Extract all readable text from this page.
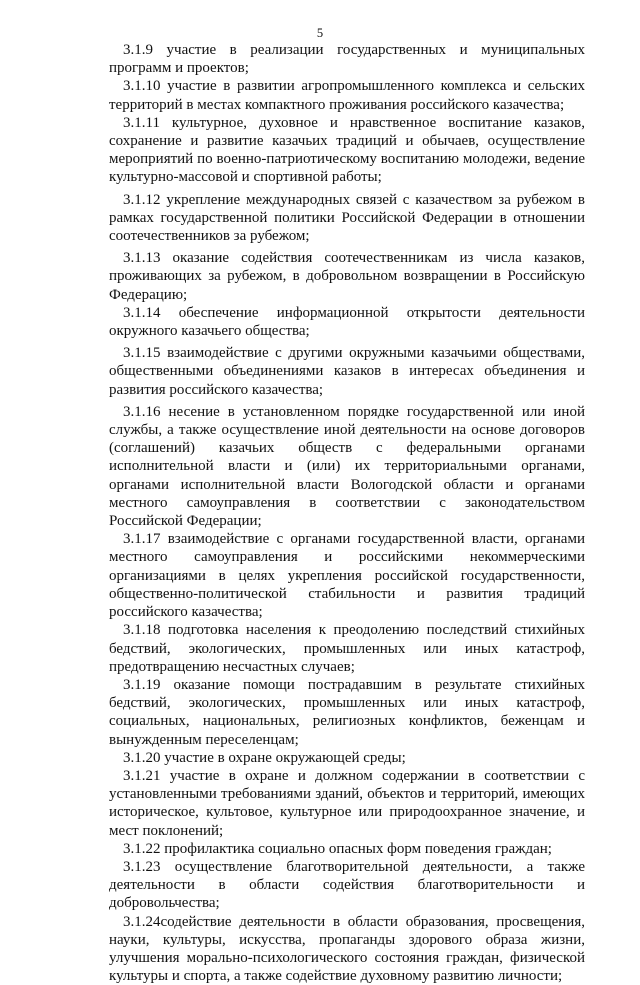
5

3.1.9 участие в реализации государственных и муниципальных программ и проектов;

3.1.10 участие в развитии агропромышленного комплекса и сельских территорий в местах компактного проживания российского казачества;

3.1.11 культурное, духовное и нравственное воспитание казаков, сохранение и развитие казачьих традиций и обычаев, осуществление мероприятий по военно-патриотическому воспитанию молодежи, ведение культурно-массовой и спортивной работы;

3.1.12 укрепление международных связей с казачеством за рубежом в рамках государственной политики Российской Федерации в отношении соотечественников за рубежом;

3.1.13 оказание содействия соотечественникам из числа казаков, проживающих за рубежом, в добровольном возвращении в Российскую Федерацию;

3.1.14 обеспечение информационной открытости деятельности окружного казачьего общества;

3.1.15 взаимодействие с другими окружными казачьими обществами, общественными объединениями казаков в интересах объединения и развития российского казачества;

3.1.16 несение в установленном порядке государственной или иной службы, а также осуществление иной деятельности на основе договоров (соглашений) казачьих обществ с федеральными органами исполнительной власти и (или) их территориальными органами, органами исполнительной власти Вологодской области и органами местного самоуправления в соответствии с законодательством Российской Федерации;

3.1.17 взаимодействие с органами государственной власти, органами местного самоуправления и российскими некоммерческими организациями в целях укрепления российской государственности, общественно-политической стабильности и развития традиций российского казачества;

3.1.18 подготовка населения к преодолению последствий стихийных бедствий, экологических, промышленных или иных катастроф, предотвращению несчастных случаев;

3.1.19 оказание помощи пострадавшим в результате стихийных бедствий, экологических, промышленных или иных катастроф, социальных, национальных, религиозных конфликтов, беженцам и вынужденным переселенцам;

3.1.20 участие в охране окружающей среды;

3.1.21 участие в охране и должном содержании в соответствии с установленными требованиями зданий, объектов и территорий, имеющих историческое, культовое, культурное или природоохранное значение, и мест поклонений;

3.1.22 профилактика социально опасных форм поведения граждан;

3.1.23 осуществление благотворительной деятельности, а также деятельности в области содействия благотворительности и добровольчества;

3.1.24содействие деятельности в области образования, просвещения, науки, культуры, искусства, пропаганды здорового образа жизни, улучшения морально-психологического состояния граждан, физической культуры и спорта, а также содействие духовному развитию личности;
